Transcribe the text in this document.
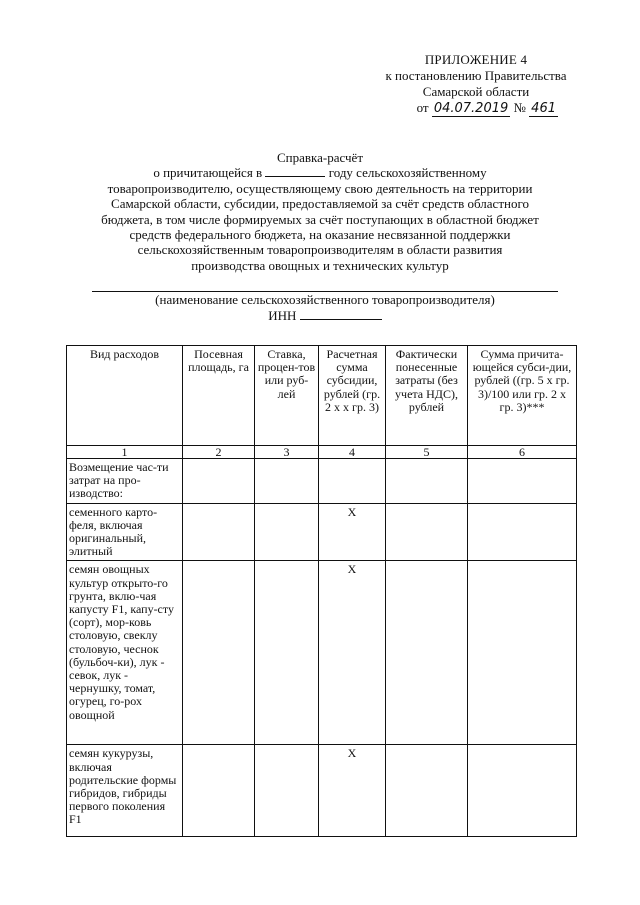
ПРИЛОЖЕНИЕ 4
к постановлению Правительства
Самарской области
от 04.07.2019 № 461
Справка-расчёт
о причитающейся в	году сельскохозяйственному
товаропроизводителю, осуществляющему свою деятельность на территории
Самарской области, субсидии, предоставляемой за счёт средств областного
бюджета, в том числе формируемых за счёт поступающих в областной бюджет
средств федерального бюджета, на оказание несвязанной поддержки
сельскохозяйственным товаропроизводителям в области развития
производства овощных и технических культур
(наименование сельскохозяйственного товаропроизводителя)
ИНН
Вид расходов	Посевная площадь, га	Ставка, процен-тов или руб-лей	Расчетная сумма субсидии, рублей (гр. 2 х х гр. 3)	Фактически понесенные затраты (без учета НДС), рублей	Сумма причита-ющейся субси-дии, рублей ((гр. 5 х гр. 3)/100 или гр. 2 х гр. 3)***
1	2	3	4	5	6
Возмещение час-ти затрат на про-изводство:					
семенного карто-феля, включая оригинальный, элитный			X		
семян овощных культур открыто-го грунта, вклю-чая капусту F1, капу-сту (сорт), мор-ковь столовую, свеклу столовую, чеснок (бульбоч-ки), лук - севок, лук - чернушку, томат, огурец, го-рох овощной			X		
семян кукурузы, включая родительские формы гибридов, гибриды первого поколения F1			X		
